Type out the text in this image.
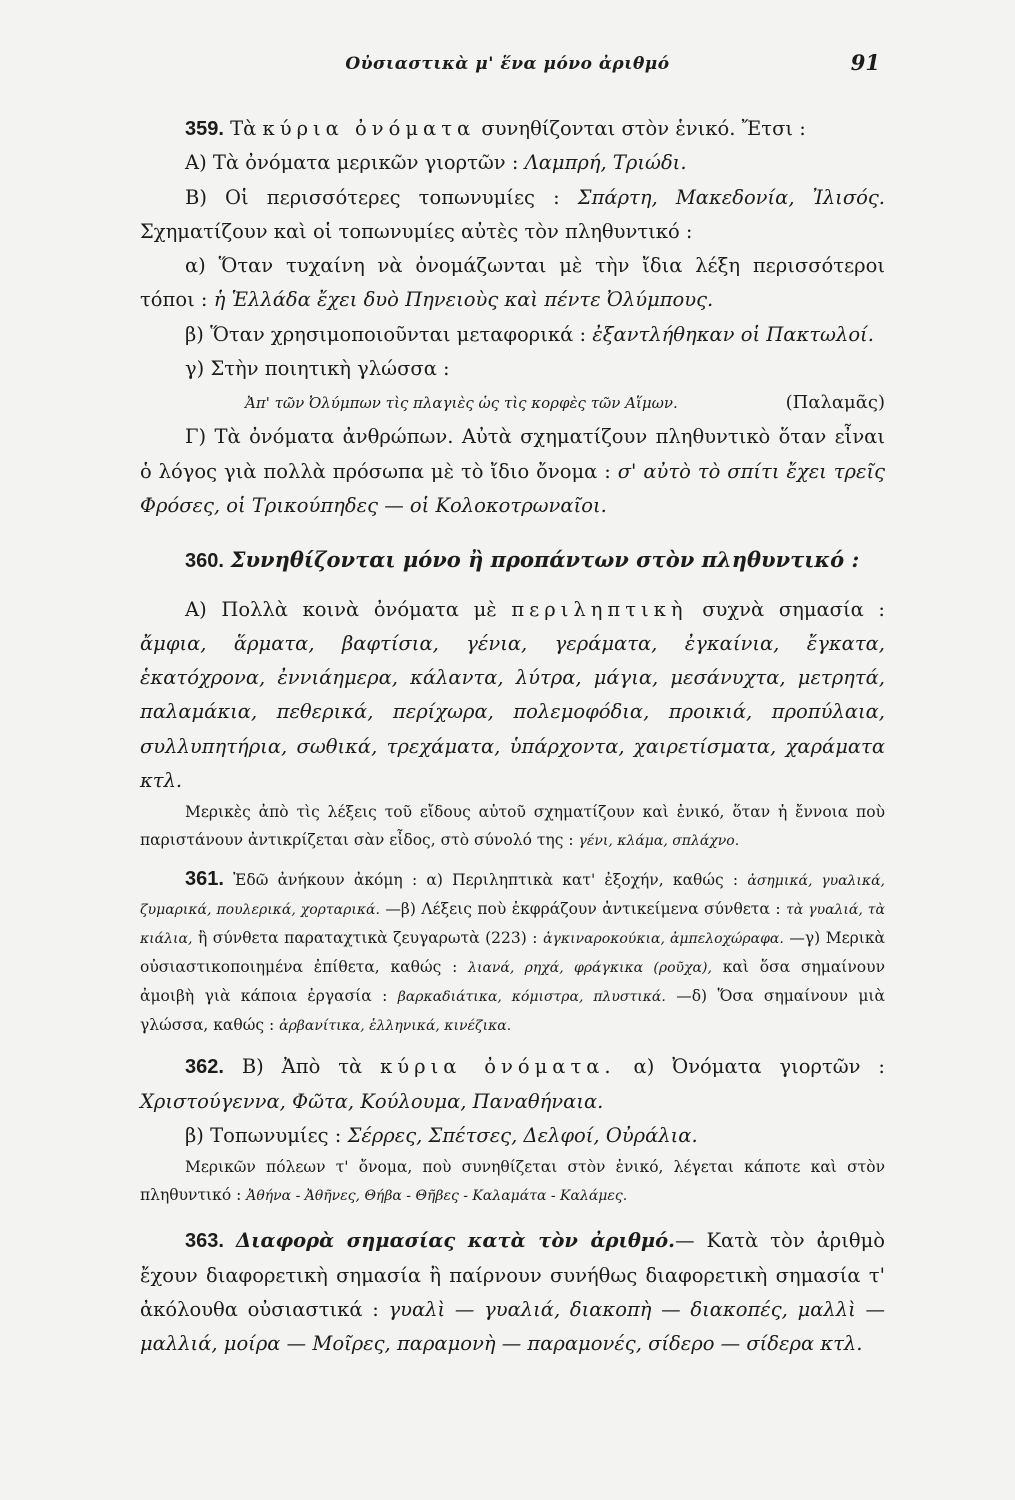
Οὐσιαστικὰ μ' ἕνα μόνο ἀριθμό	91

359. Τὰ κύρια ὀνόματα συνηθίζονται στὸν ἑνικό. Ἔτσι :

Α) Τὰ ὀνόματα μερικῶν γιορτῶν : Λαμπρή, Τριώδι.

Β) Οἱ περισσότερες τοπωνυμίες : Σπάρτη, Μακεδονία, Ἰλισός. Σχηματίζουν καὶ οἱ τοπωνυμίες αὐτὲς τὸν πληθυντικό :

α) Ὅταν τυχαίνη νὰ ὀνομάζωνται μὲ τὴν ἴδια λέξη περισσότεροι τόποι : ἡ Ἑλλάδα ἔχει δυὸ Πηνειοὺς καὶ πέντε Ὀλύμπους.

β) Ὅταν χρησιμοποιοῦνται μεταφορικά : ἐξαντλήθηκαν οἱ Πακτωλοί.

γ) Στὴν ποιητικὴ γλώσσα :

Ἀπ' τῶν Ὀλύμπων τὶς πλαγιὲς ὡς τὶς κορφὲς τῶν Αἵμων.	(Παλαμᾶς)

Γ) Τὰ ὀνόματα ἀνθρώπων. Αὐτὰ σχηματίζουν πληθυντικὸ ὅταν εἶναι ὁ λόγος γιὰ πολλὰ πρόσωπα μὲ τὸ ἴδιο ὄνομα : σ' αὐτὸ τὸ σπίτι ἔχει τρεῖς Φρόσες, οἱ Τρικούπηδες — οἱ Κολοκοτρωναῖοι.

360. Συνηθίζονται μόνο ἢ προπάντων στὸν πληθυντικό :

Α) Πολλὰ κοινὰ ὀνόματα μὲ περιληπτικὴ συχνὰ σημασία : ἄμφια, ἅρματα, βαφτίσια, γένια, γεράματα, ἐγκαίνια, ἔγκατα, ἑκατόχρονα, ἐννιάημερα, κάλαντα, λύτρα, μάγια, μεσάνυχτα, μετρητά, παλαμάκια, πεθερικά, περίχωρα, πολεμοφόδια, προικιά, προπύλαια, συλλυπητήρια, σωθικά, τρεχάματα, ὑπάρχοντα, χαιρετίσματα, χαράματα κτλ.

Μερικὲς ἀπὸ τὶς λέξεις τοῦ εἴδους αὐτοῦ σχηματίζουν καὶ ἑνικό, ὅταν ἡ ἔννοια ποὺ παριστάνουν ἀντικρίζεται σὰν εἶδος, στὸ σύνολό της : γένι, κλάμα, σπλάχνο.

361. Ἐδῶ ἀνήκουν ἀκόμη : α) Περιληπτικὰ κατ' ἐξοχήν, καθώς : ἀσημικά, γυαλικά, ζυμαρικά, πουλερικά, χορταρικά. —β) Λέξεις ποὺ ἐκφράζουν ἀντικείμενα σύνθετα : τὰ γυαλιά, τὰ κιάλια, ἢ σύνθετα παραταχτικὰ ζευγαρωτὰ (223) : ἀγκιναροκούκια, ἀμπελοχώραφα. —γ) Μερικὰ οὐσιαστικοποιημένα ἐπίθετα, καθώς : λιανά, ρηχά, φράγκικα (ροῦχα), καὶ ὅσα σημαίνουν ἀμοιβὴ γιὰ κάποια ἐργασία : βαρκαδιάτικα, κόμιστρα, πλυστικά. —δ) Ὅσα σημαίνουν μιὰ γλώσσα, καθώς : ἀρβανίτικα, ἑλληνικά, κινέζικα.

362. Β) Ἀπὸ τὰ κύρια ὀνόματα. α) Ὀνόματα γιορτῶν : Χριστούγεννα, Φῶτα, Κούλουμα, Παναθήναια.

β) Τοπωνυμίες : Σέρρες, Σπέτσες, Δελφοί, Οὐράλια.

Μερικῶν πόλεων τ' ὄνομα, ποὺ συνηθίζεται στὸν ἑνικό, λέγεται κάποτε καὶ στὸν πληθυντικό : Ἀθήνα - Ἀθῆνες, Θήβα - Θῆβες - Καλαμάτα - Καλάμες.

363. Διαφορὰ σημασίας κατὰ τὸν ἀριθμό.— Κατὰ τὸν ἀριθμὸ ἔχουν διαφορετικὴ σημασία ἢ παίρνουν συνήθως διαφορετικὴ σημασία τ' ἀκόλουθα οὐσιαστικά : γυαλὶ — γυαλιά, διακοπὴ — διακοπές, μαλλὶ — μαλλιά, μοίρα — Μοῖρες, παραμονὴ — παραμονές, σίδερο — σίδερα κτλ.
